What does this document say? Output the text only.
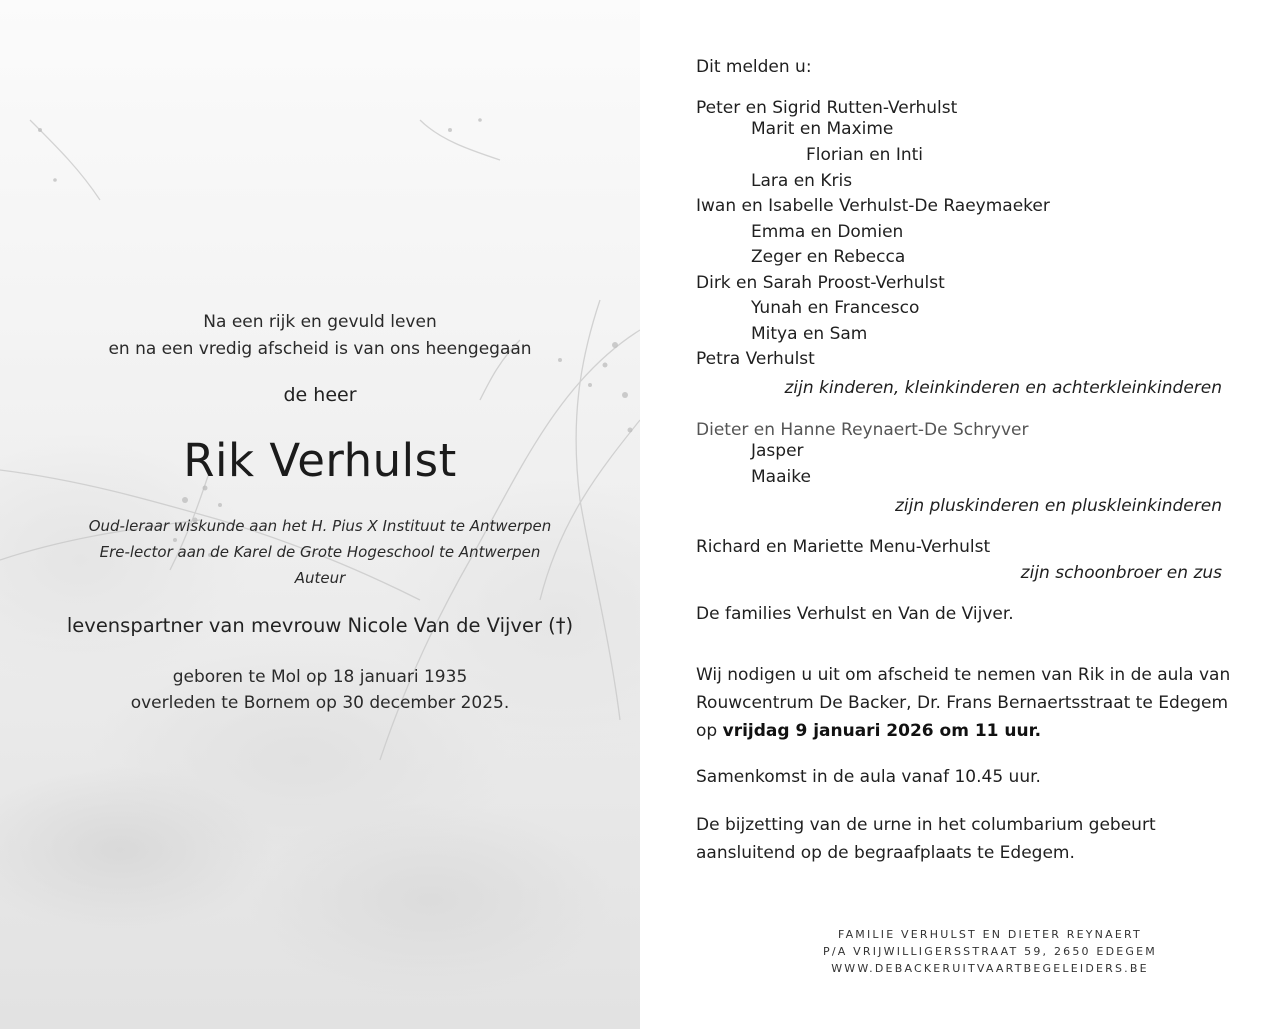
Na een rijk en gevuld leven
en na een vredig afscheid is van ons heengegaan
de heer
Rik Verhulst
Oud-leraar wiskunde aan het H. Pius X Instituut te Antwerpen
Ere-lector aan de Karel de Grote Hogeschool te Antwerpen
Auteur
levenspartner van mevrouw Nicole Van de Vijver (†)
geboren te Mol op 18 januari 1935
overleden te Bornem op 30 december 2025.
Dit melden u:
Peter en Sigrid Rutten-Verhulst
Marit en Maxime
Florian en Inti
Lara en Kris
Iwan en Isabelle Verhulst-De Raeymaeker
Emma en Domien
Zeger en Rebecca
Dirk en Sarah Proost-Verhulst
Yunah en Francesco
Mitya en Sam
Petra Verhulst
zijn kinderen, kleinkinderen en achterkleinkinderen
Dieter en Hanne Reynaert-De Schryver
Jasper
Maaike
zijn pluskinderen en pluskleinkinderen
Richard en Mariette Menu-Verhulst
zijn schoonbroer en zus
De families Verhulst en Van de Vijver.
Wij nodigen u uit om afscheid te nemen van Rik in de aula van Rouwcentrum De Backer, Dr. Frans Bernaertsstraat te Edegem op vrijdag 9 januari 2026 om 11 uur.
Samenkomst in de aula vanaf 10.45 uur.
De bijzetting van de urne in het columbarium gebeurt aansluitend op de begraafplaats te Edegem.
FAMILIE VERHULST EN DIETER REYNAERT
P/A VRIJWILLIGERSSTRAAT 59, 2650 EDEGEM
WWW.DEBACKERUITVAARTBEGELEIDERS.BE
